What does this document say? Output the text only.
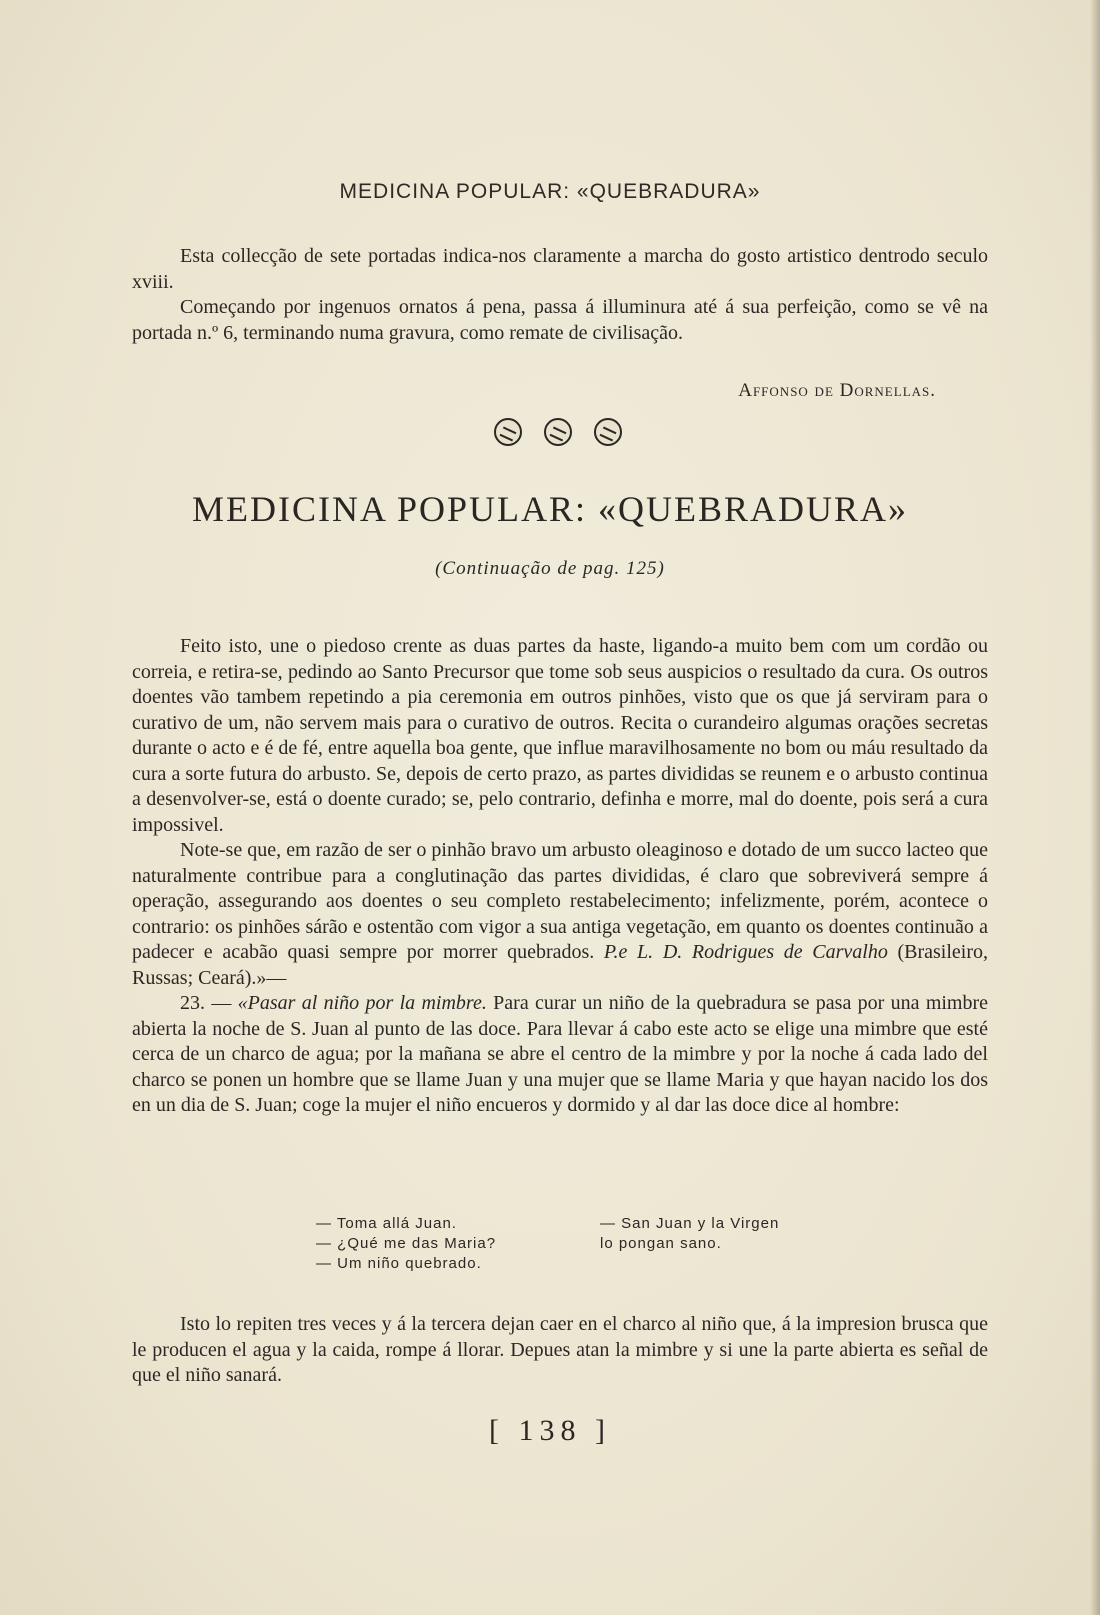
MEDICINA POPULAR: «QUEBRADURA»

Esta collecção de sete portadas indica-nos claramente a marcha do gosto artistico dentrodo seculo xviii.

Começando por ingenuos ornatos á pena, passa á illuminura até á sua perfeição, como se vê na portada n.º 6, terminando numa gravura, como remate de civilisação.

Affonso de Dornellas.
MEDICINA POPULAR: «QUEBRADURA»
(Continuação de pag. 125)

Feito isto, une o piedoso crente as duas partes da haste, ligando-a muito bem com um cordão ou correia, e retira-se, pedindo ao Santo Precursor que tome sob seus auspicios o resultado da cura. Os outros doentes vão tambem repetindo a pia ceremonia em outros pinhões, visto que os que já serviram para o curativo de um, não servem mais para o curativo de outros. Recita o curandeiro algumas orações secretas durante o acto e é de fé, entre aquella boa gente, que influe maravilhosamente no bom ou máu resultado da cura a sorte futura do arbusto. Se, depois de certo prazo, as partes divididas se reunem e o arbusto continua a desenvolver-se, está o doente curado; se, pelo contrario, definha e morre, mal do doente, pois será a cura impossivel.

Note-se que, em razão de ser o pinhão bravo um arbusto oleaginoso e dotado de um succo lacteo que naturalmente contribue para a conglutinação das partes divididas, é claro que sobreviverá sempre á operação, assegurando aos doentes o seu completo restabelecimento; infelizmente, porém, acontece o contrario: os pinhões sárão e ostentão com vigor a sua antiga vegetação, em quanto os doentes continuão a padecer e acabão quasi sempre por morrer quebrados. P.e L. D. Rodrigues de Carvalho (Brasileiro, Russas; Ceará).»—

23. — «Pasar al niño por la mimbre. Para curar un niño de la quebradura se pasa por una mimbre abierta la noche de S. Juan al punto de las doce. Para llevar á cabo este acto se elige una mimbre que esté cerca de un charco de agua; por la mañana se abre el centro de la mimbre y por la noche á cada lado del charco se ponen un hombre que se llame Juan y una mujer que se llame Maria y que hayan nacido los dos en un dia de S. Juan; coge la mujer el niño encueros y dormido y al dar las doce dice al hombre:

— Toma allá Juan.
— ¿Qué me das Maria?
— Um niño quebrado.
— San Juan y la Virgen
lo pongan sano.

Isto lo repiten tres veces y á la tercera dejan caer en el charco al niño que, á la impresion brusca que le producen el agua y la caida, rompe á llorar. Depues atan la mimbre y si une la parte abierta es señal de que el niño sanará.

[ 138 ]
